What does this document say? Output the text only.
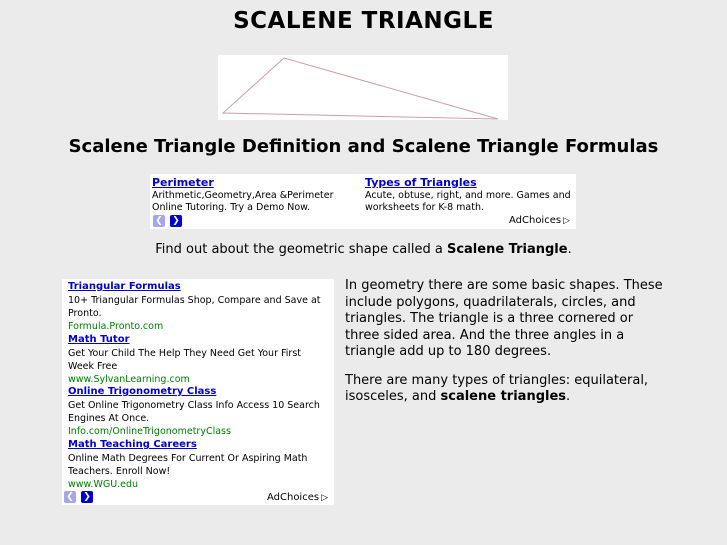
SCALENE TRIANGLE
Scalene Triangle Definition and Scalene Triangle Formulas
Perimeter
Arithmetic,Geometry,Area &Perimeter Online Tutoring. Try a Demo Now.
Types of Triangles
Acute, obtuse, right, and more. Games and worksheets for K-8 math.
❮ ❯	AdChoices ▷
Find out about the geometric shape called a Scalene Triangle.
Triangular Formulas
10+ Triangular Formulas Shop, Compare and Save at Pronto.
Formula.Pronto.com
Math Tutor
Get Your Child The Help They Need Get Your First Week Free
www.SylvanLearning.com
Online Trigonometry Class
Get Online Trigonometry Class Info Access 10 Search Engines At Once.
Info.com/OnlineTrigonometryClass
Math Teaching Careers
Online Math Degrees For Current Or Aspiring Math Teachers. Enroll Now!
www.WGU.edu
❮ ❯	AdChoices ▷

In geometry there are some basic shapes. These include polygons, quadrilaterals, circles, and triangles. The triangle is a three cornered or three sided area. And the three angles in a triangle add up to 180 degrees.

There are many types of triangles: equilateral, isosceles, and scalene triangles.
